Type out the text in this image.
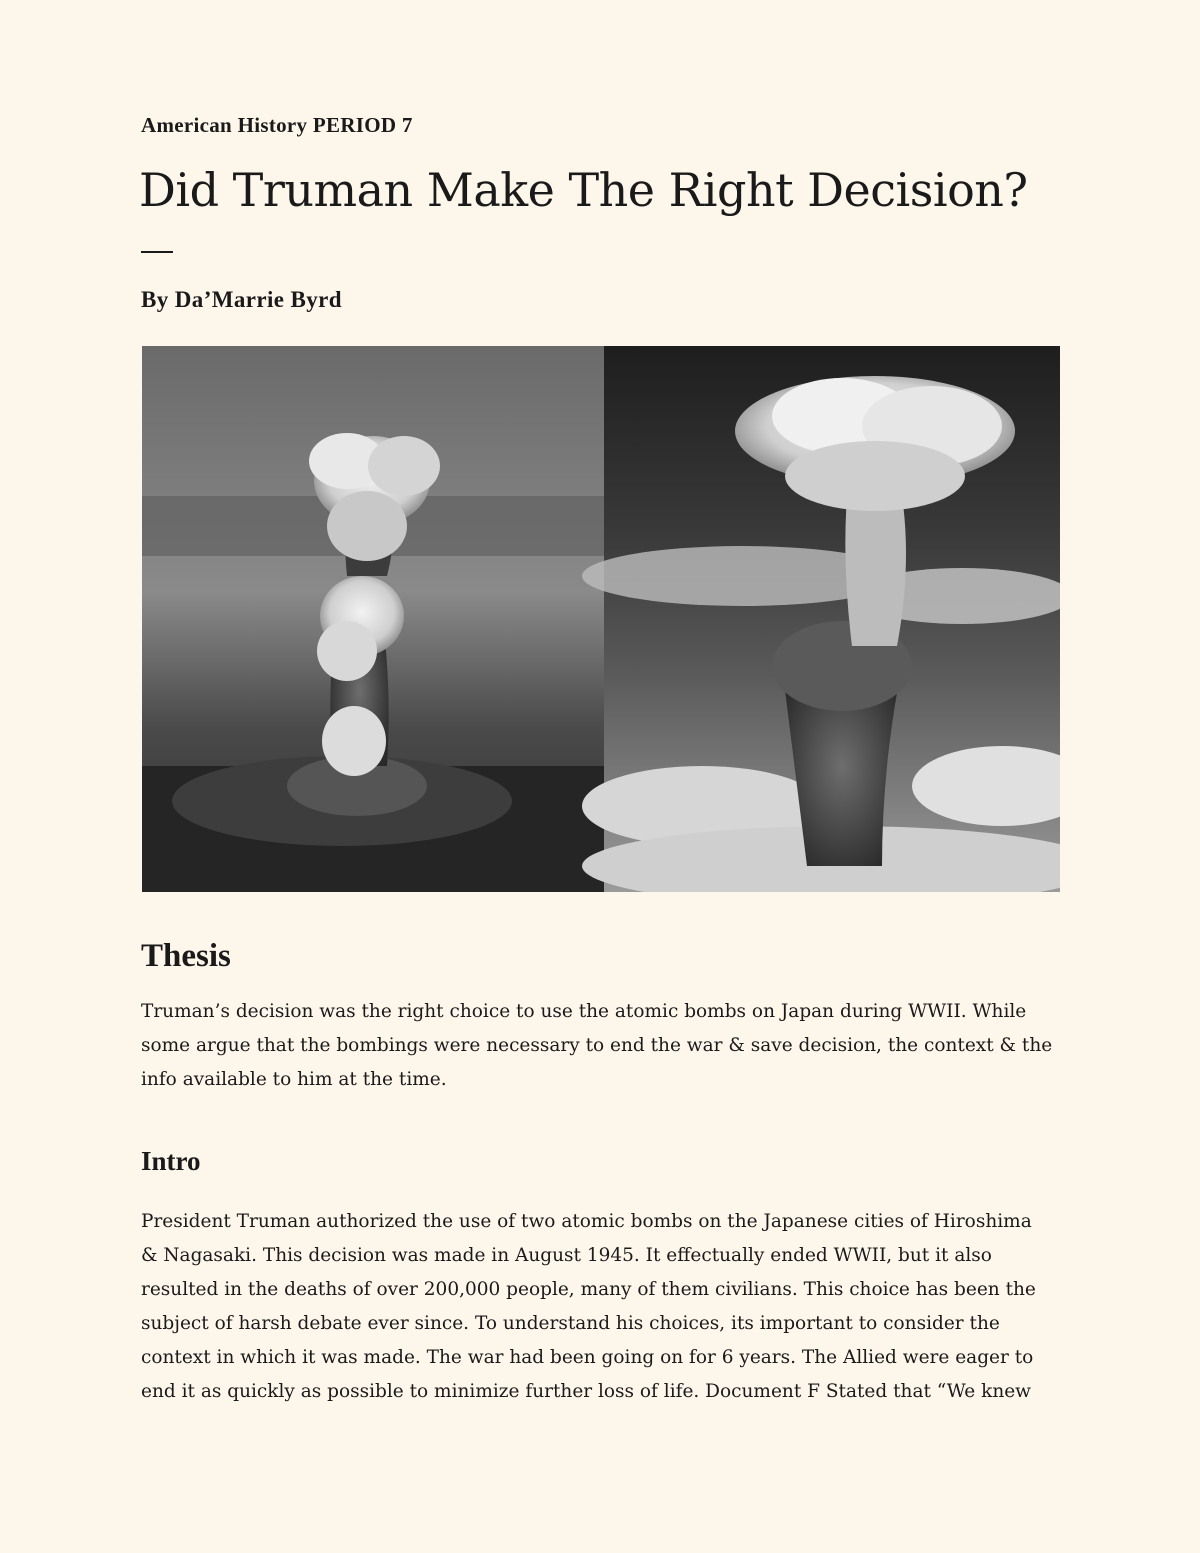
American History PERIOD 7
Did Truman Make The Right Decision?
By Da’Marrie Byrd
Thesis
Truman’s decision was the right choice to use the atomic bombs on Japan during WWII. While
some argue that the bombings were necessary to end the war & save decision, the context & the
info available to him at the time.
Intro
President Truman authorized the use of two atomic bombs on the Japanese cities of Hiroshima
& Nagasaki. This decision was made in August 1945. It effectually ended WWII, but it also
resulted in the deaths of over 200,000 people, many of them civilians. This choice has been the
subject of harsh debate ever since. To understand his choices, its important to consider the
context in which it was made. The war had been going on for 6 years. The Allied were eager to
end it as quickly as possible to minimize further loss of life. Document F Stated that “We knew
